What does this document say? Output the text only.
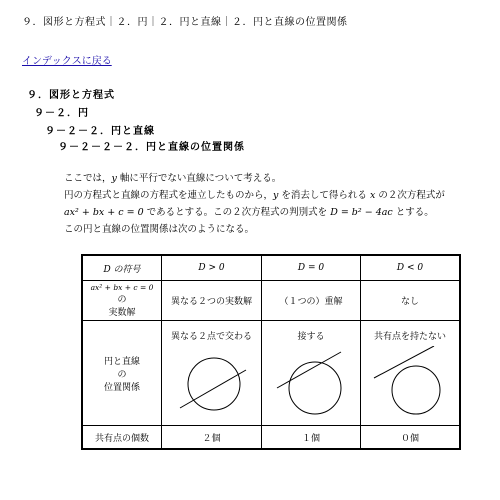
９．図形と方程式｜２．円｜２．円と直線｜２．円と直線の位置関係
インデックスに戻る
９．図形と方程式
９－２．円
９－２－２．円と直線
９－２－２－２．円と直線の位置関係
ここでは，y 軸に平行でない直線について考える。
円の方程式と直線の方程式を連立したものから，y を消去して得られる x の２次方程式が
ax² + bx + c = 0 であるとする。この２次方程式の判別式を D = b² − 4ac とする。
この円と直線の位置関係は次のようになる。
D の符号	D > 0	D = 0	D < 0

ax² + bx + c = 0
の
実数解	異なる２つの実数解	（１つの）重解	なし

円と直線
の
位置関係	異なる２点で交わる	接する	共有点を持たない

共有点の個数	２個	１個	０個
